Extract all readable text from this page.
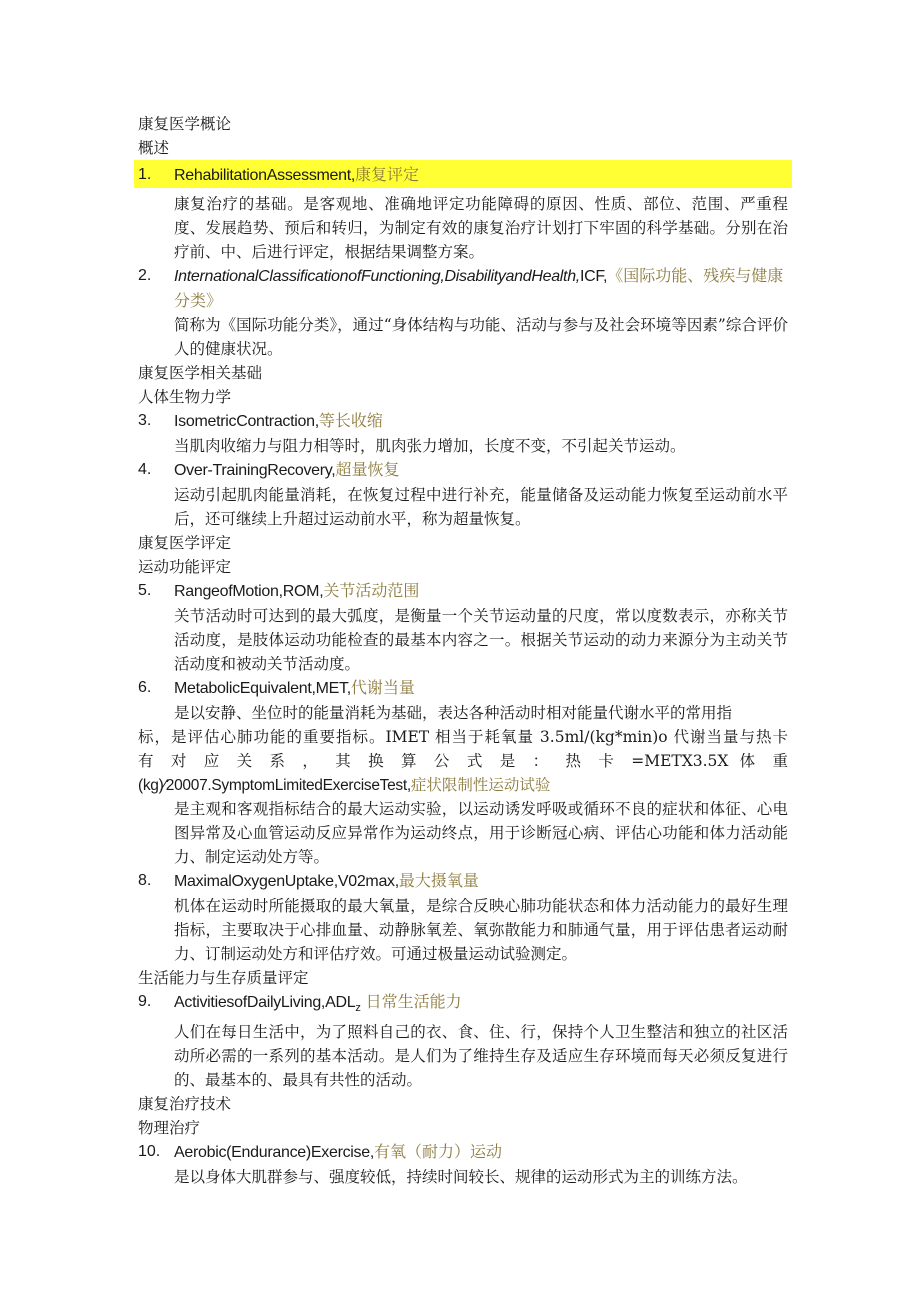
康复医学概论
概述
1.	RehabilitationAssessment,康复评定
康复治疗的基础。是客观地、准确地评定功能障碍的原因、性质、部位、范围、严重程度、发展趋势、预后和转归，为制定有效的康复治疗计划打下牢固的科学基础。分别在治疗前、中、后进行评定，根据结果调整方案。
2.	InternationalClassificationofFunctioning,DisabilityandHealth,ICF,《国际功能、残疾与健康分类》
简称为《国际功能分类》，通过“身体结构与功能、活动与参与及社会环境等因素”综合评价人的健康状况。
康复医学相关基础
人体生物力学
3.	IsometricContraction,等长收缩
当肌肉收缩力与阻力相等时，肌肉张力增加，长度不变，不引起关节运动。
4.	Over-TrainingRecovery,超量恢复
运动引起肌肉能量消耗，在恢复过程中进行补充，能量储备及运动能力恢复至运动前水平后，还可继续上升超过运动前水平，称为超量恢复。
康复医学评定
运动功能评定
5.	RangeofMotion,ROM,关节活动范围
关节活动时可达到的最大弧度，是衡量一个关节运动量的尺度，常以度数表示，亦称关节活动度，是肢体运动功能检查的最基本内容之一。根据关节运动的动力来源分为主动关节活动度和被动关节活动度。
6.	MetabolicEquivalent,MET,代谢当量
是以安静、坐位时的能量消耗为基础，表达各种活动时相对能量代谢水平的常用指
标，是评估心肺功能的重要指标。IMET 相当于耗氧量 3.5ml∕(kg*min)o 代谢当量与热卡
有 对 应 关 系 ， 其 换 算 公 式 是 ： 热 卡 =METX3.5X 体 重
(kg)∕20007.SymptomLimitedExerciseTest,症状限制性运动试验
是主观和客观指标结合的最大运动实验，以运动诱发呼吸或循环不良的症状和体征、心电图异常及心血管运动反应异常作为运动终点，用于诊断冠心病、评估心功能和体力活动能力、制定运动处方等。
8.	MaximalOxygenUptake,V02max,最大摄氧量
机体在运动时所能摄取的最大氧量，是综合反映心肺功能状态和体力活动能力的最好生理指标，主要取决于心排血量、动静脉氧差、氧弥散能力和肺通气量，用于评估患者运动耐力、订制运动处方和评估疗效。可通过极量运动试验测定。
生活能力与生存质量评定
9.	$ActivitiesofDailyLiving,ADL_z$ 日常生活能力
人们在每日生活中，为了照料自己的衣、食、住、行，保持个人卫生整洁和独立的社区活动所必需的一系列的基本活动。是人们为了维持生存及适应生存环境而每天必须反复进行的、最基本的、最具有共性的活动。
康复治疗技术
物理治疗
10. Aerobic(Endurance)Exercise,有氧（耐力）运动
是以身体大肌群参与、强度较低，持续时间较长、规律的运动形式为主的训练方法。
